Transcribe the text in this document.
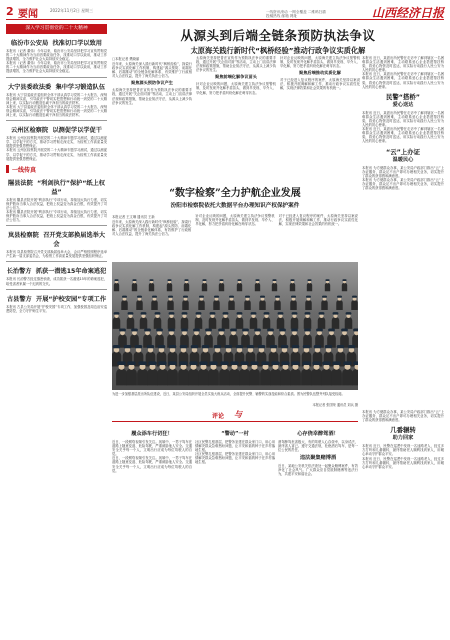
2 要闻	2022年11月2日 星期三	一线资讯滚动 一网全覆盖 二维码扫描
投稿热线 邮箱 网址	山西经济日报
深入学习贯彻党的二十大精神
临汾市公安局 找准切口学以致用

本报讯（记者 董伟）今年以来，临汾市公安局坚持把学习宣传贯彻党的二十大精神作为当前首要政治任务，找准切口学以致用，推动工作提质增效，全力维护社会大局持续安全稳定。

本报讯（记者 董伟）今年以来，临汾市公安局坚持把学习宣传贯彻党的二十大精神作为当前首要政治任务，找准切口学以致用，推动工作提质增效，全力维护社会大局持续安全稳定。

大宁县委政法委 集中学习锻造队伍

本报讯 大宁县委政法委组织全体干部认真学习党的二十大报告，深刻领会精神实质，引导政法干警切实把思想和行动统一到党的二十大精神上来，以实际行动锻造忠诚干净担当的政法铁军。

本报讯 大宁县委政法委组织全体干部认真学习党的二十大报告，深刻领会精神实质，引导政法干警切实把思想和行动统一到党的二十大精神上来，以实际行动锻造忠诚干净担当的政法铁军。

云州区检察院 以测促学以学促干

本报讯 云州区检察院开展党的二十大精神专题学习测试，通过以测促学、以学促干的方式，推动学习贯彻走深走实，为检察工作高质量发展提供坚强思想保证。

本报讯 云州区检察院开展党的二十大精神专题学习测试，通过以测促学、以学促干的方式，推动学习贯彻走深走实，为检察工作高质量发展提供坚强思想保证。

一线传真
隰县法院 “利剑执行”保护“纸上权益”

本报讯 隰县法院开展“利剑执行”专项行动，持续加大执行力度，切实保护胜诉当事人合法权益，把纸上权益变为真金白银，有效提升了司法公信力。

本报讯 隰县法院开展“利剑执行”专项行动，持续加大执行力度，切实保护胜诉当事人合法权益，把纸上权益变为真金白银，有效提升了司法公信力。

岚县检察院 召开党支部换届选举大会

本报讯 岚县检察院召开党支部换届选举大会，会议严格按照程序选举产生新一届支部委员会，为检察工作高质量发展提供坚强组织保证。

长治警方 抓获一潜逃15年命案逃犯

本报讯 长治警方经过缜密侦查，成功抓获一名潜逃15年的命案逃犯，给受害者家属一个迟到的交代。

古县警方 开展“护校安园”专项工作

本报讯 古县公安局开展“护校安园”专项工作，加强校园及周边治安巡逻防控，全力守护师生平安。

从源头到后端全链条预防执法争议
太原海关践行新时代“枫桥经验”推动行政争议实质化解
□本报记者 樊晓丽

近年来，太原海关深入践行新时代“枫桥经验”，探索行政争议实质化解工作机制，构建起“源头预防、前端化解、后端推动”的全链条化解体系，有效维护了行政相对人合法权益，提升了海关执法公信力。

聚焦源头预防争议产生

太原海关坚持把普法宣传作为预防执法争议的重要手段，通过开展“关企面对面”等活动，主动上门宣讲法律法规和政策措施，帮助企业知法守法，从源头上减少执法争议的发生。

太原海关坚持把普法宣传作为预防执法争议的重要手段，通过开展“关企面对面”等活动，主动上门宣讲法律法规和政策措施，帮助企业知法守法，从源头上减少执法争议的发生。

聚焦前端化解争议苗头

针对企业反映的问题，太原海关建立执法争议预警机制，及时发现并化解矛盾苗头，做到早发现、早介入、早化解，努力把矛盾纠纷化解在萌芽状态。

针对企业反映的问题，太原海关建立执法争议预警机制，及时发现并化解矛盾苗头，做到早发现、早介入、早化解，努力把矛盾纠纷化解在萌芽状态。

聚焦后端推动实质化解

对于已经进入复议程序的案件，太原海关坚持以案说法，积极开展调解和解工作，推动行政争议实质性化解，实现法律效果和社会效果的有机统一。

“数字检察”全力护航企业发展
汾阳市检察院依托大数据平台办理知识产权保护案件
本报记者 王文琳 通讯员 王新

近年来，太原海关深入践行新时代“枫桥经验”，探索行政争议实质化解工作机制，构建起“源头预防、前端化解、后端推动”的全链条化解体系，有效维护了行政相对人合法权益，提升了海关执法公信力。

针对企业反映的问题，太原海关建立执法争议预警机制，及时发现并化解矛盾苗头，做到早发现、早介入、早化解，努力把矛盾纠纷化解在萌芽状态。

对于已经进入复议程序的案件，太原海关坚持以案说法，积极开展调解和解工作，推动行政争议实质性化解，实现法律效果和社会效果的有机统一。

为进一步加强基层派出所队伍建设，近日，某县公安局组织开展全员实战大练兵活动，全面提升民警、辅警的实战技能和综合素质。图为民警队伍整齐列队接受检阅。

本报记者 张国荣 通讯员 刘兵 摄

本报讯 近日，某派出所民警在走访中了解到辖区一名困难群众生活遇到困难，主动联系爱心企业搭建帮扶桥梁，将爱心物资及时送达，用实际行动践行人民公安为人民的初心使命。

本报讯 近日，某派出所民警在走访中了解到辖区一名困难群众生活遇到困难，主动联系爱心企业搭建帮扶桥梁，将爱心物资及时送达，用实际行动践行人民公安为人民的初心使命。

民警“搭桥”
爱心送达

本报讯 近日，某派出所民警在走访中了解到辖区一名困难群众生活遇到困难，主动联系爱心企业搭建帮扶桥梁，将爱心物资及时送达，用实际行动践行人民公安为人民的初心使命。

本报讯 近日，某派出所民警在走访中了解到辖区一名困难群众生活遇到困难，主动联系爱心企业搭建帮扶桥梁，将爱心物资及时送达，用实际行动践行人民公安为人民的初心使命。

“云”上办证
温暖民心

本报讯 为方便群众办事，某公安局户政部门推出“云”上办证服务，群众足不出户即可办理相关业务，切实提升了群众的获得感和满意度。

本报讯 为方便群众办事，某公安局户政部门推出“云”上办证服务，群众足不出户即可办理相关业务，切实提升了群众的获得感和满意度。

评论 与
履众添车行切狂！

近日，一段网络视频引发关注。视频中，一男子驾车在道路上随意变道、危险驾驶，严重威胁他人安全。交通安全关乎每一个人，文明出行应成为每位驾驶人的自觉。

近日，一段网络视频引发关注。视频中，一男子驾车在道路上随意变道、危险驾驶，严重威胁他人安全。交通安全关乎每一个人，文明出行应成为每位驾驶人的自觉。

“警动”一村

社区民警扎根基层，把警务室建在群众家门口，用心用情解决群众急难愁盼问题，让平安和谐的种子在乡村落地生根。

社区民警扎根基层，把警务室建在群众家门口，用心用情解决群众急难愁盼问题，让平安和谐的种子在乡村落地生根。

心存侥幸醉驾酒！

酒驾醉驾危害极大，有的驾驶人心存侥幸，以身试法，最终害人害己。遵守交通法规，杜绝酒后驾车，是每一位公民的责任。

违法聚集赌博酒

近日，某地公安机关依法查处一起聚众赌博案件，有效净化了社会风气。广大群众应自觉抵制赌博等违法行为，共建平安和谐社会。

本报讯 为方便群众办事，某公安局户政部门推出“云”上办证服务，群众足不出户即可办理相关业务，切实提升了群众的获得感和满意度。

几番辗转
助力回家

本报讯 近日，民警在巡逻中发现一名迷路老人，经过多方打听和几番辗转，最终帮助老人顺利找到家人，用暖心举动守护群众平安。

本报讯 近日，民警在巡逻中发现一名迷路老人，经过多方打听和几番辗转，最终帮助老人顺利找到家人，用暖心举动守护群众平安。
